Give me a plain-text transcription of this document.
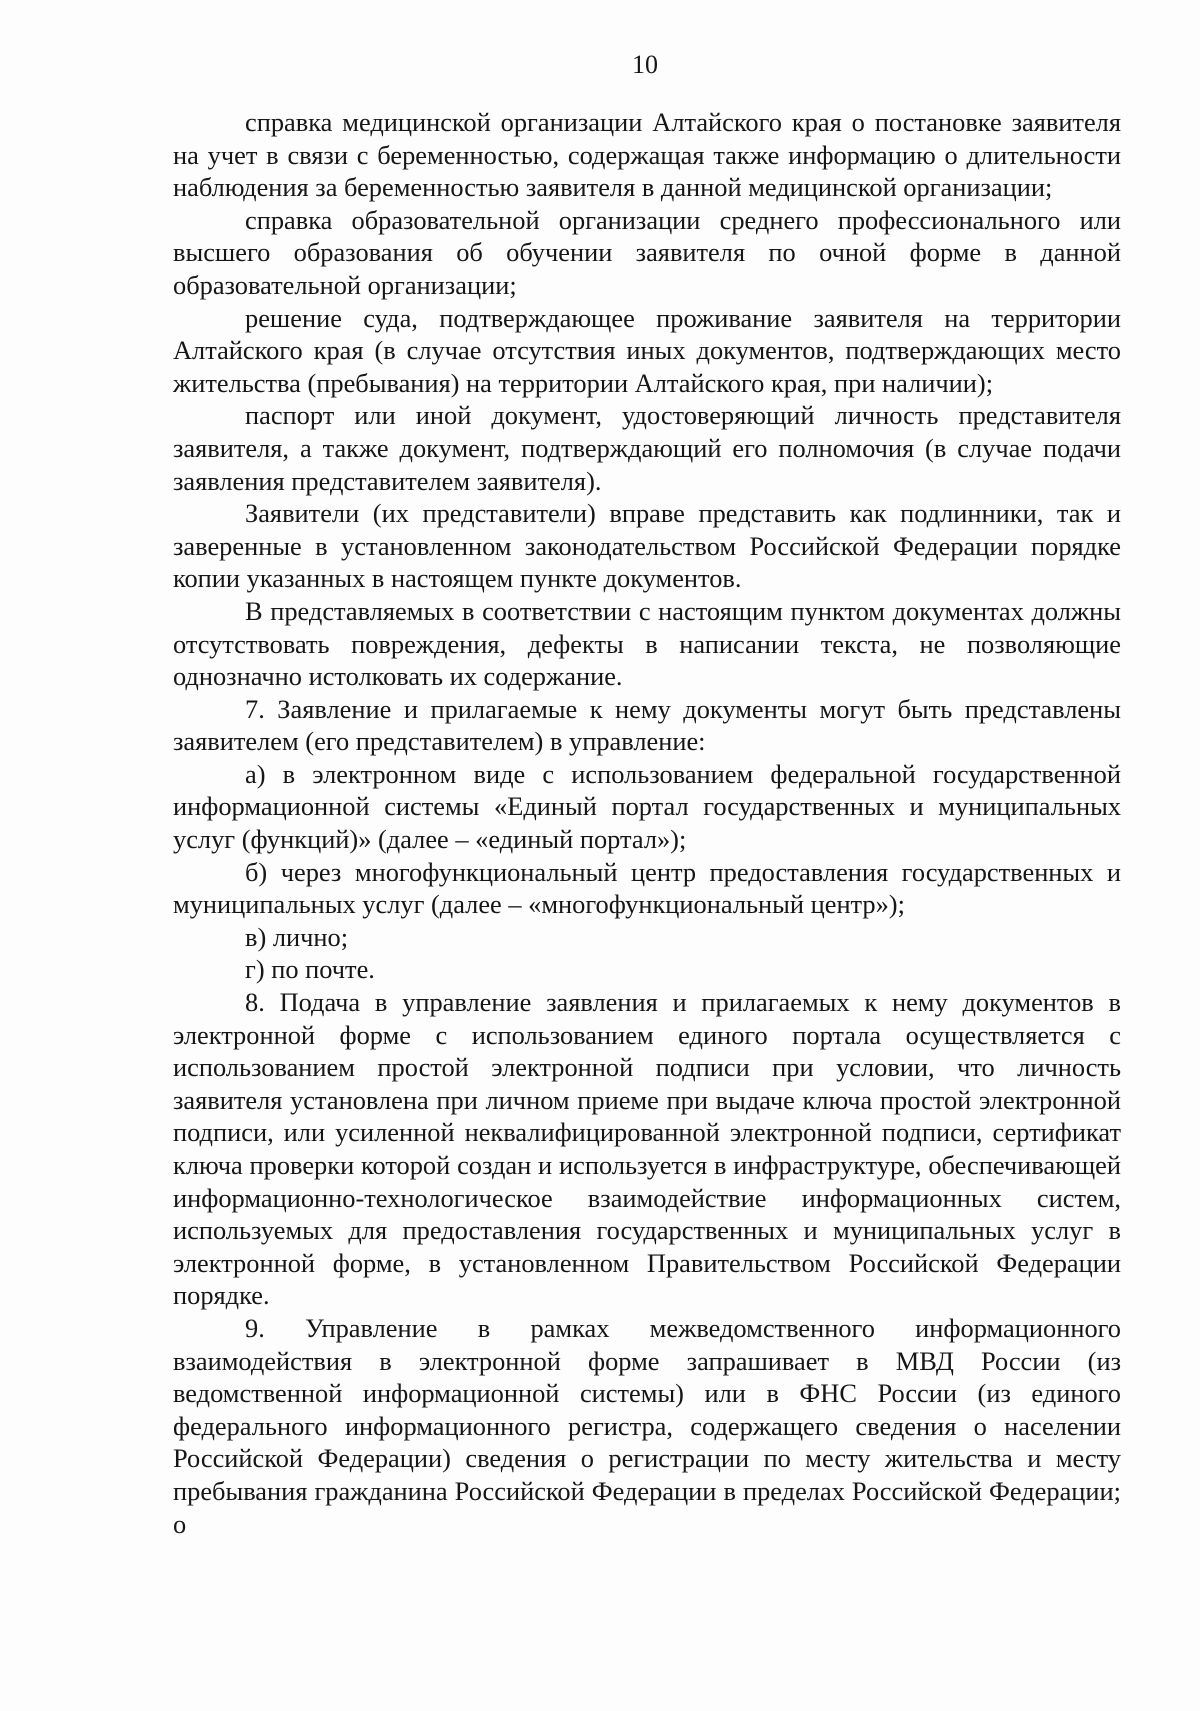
10

справка медицинской организации Алтайского края о постановке заявителя на учет в связи с беременностью, содержащая также информацию о длительности наблюдения за беременностью заявителя в данной медицинской организации;

справка образовательной организации среднего профессионального или высшего образования об обучении заявителя по очной форме в данной образовательной организации;

решение суда, подтверждающее проживание заявителя на территории Алтайского края (в случае отсутствия иных документов, подтверждающих место жительства (пребывания) на территории Алтайского края, при наличии);

паспорт или иной документ, удостоверяющий личность представителя заявителя, а также документ, подтверждающий его полномочия (в случае подачи заявления представителем заявителя).

Заявители (их представители) вправе представить как подлинники, так и заверенные в установленном законодательством Российской Федерации порядке копии указанных в настоящем пункте документов.

В представляемых в соответствии с настоящим пунктом документах должны отсутствовать повреждения, дефекты в написании текста, не позволяющие однозначно истолковать их содержание.

7. Заявление и прилагаемые к нему документы могут быть представлены заявителем (его представителем) в управление:

а) в электронном виде с использованием федеральной государственной информационной системы «Единый портал государственных и муниципальных услуг (функций)» (далее – «единый портал»);

б) через многофункциональный центр предоставления государственных и муниципальных услуг (далее – «многофункциональный центр»);

в) лично;

г) по почте.

8. Подача в управление заявления и прилагаемых к нему документов в электронной форме с использованием единого портала осуществляется с использованием простой электронной подписи при условии, что личность заявителя установлена при личном приеме при выдаче ключа простой электронной подписи, или усиленной неквалифицированной электронной подписи, сертификат ключа проверки которой создан и используется в инфраструктуре, обеспечивающей информационно-технологическое взаимодействие информационных систем, используемых для предоставления государственных и муниципальных услуг в электронной форме, в установленном Правительством Российской Федерации порядке.

9. Управление в рамках межведомственного информационного взаимодействия в электронной форме запрашивает в МВД России (из ведомственной информационной системы) или в ФНС России (из единого федерального информационного регистра, содержащего сведения о населении Российской Федерации) сведения о регистрации по месту жительства и месту пребывания гражданина Российской Федерации в пределах Российской Федерации; о
